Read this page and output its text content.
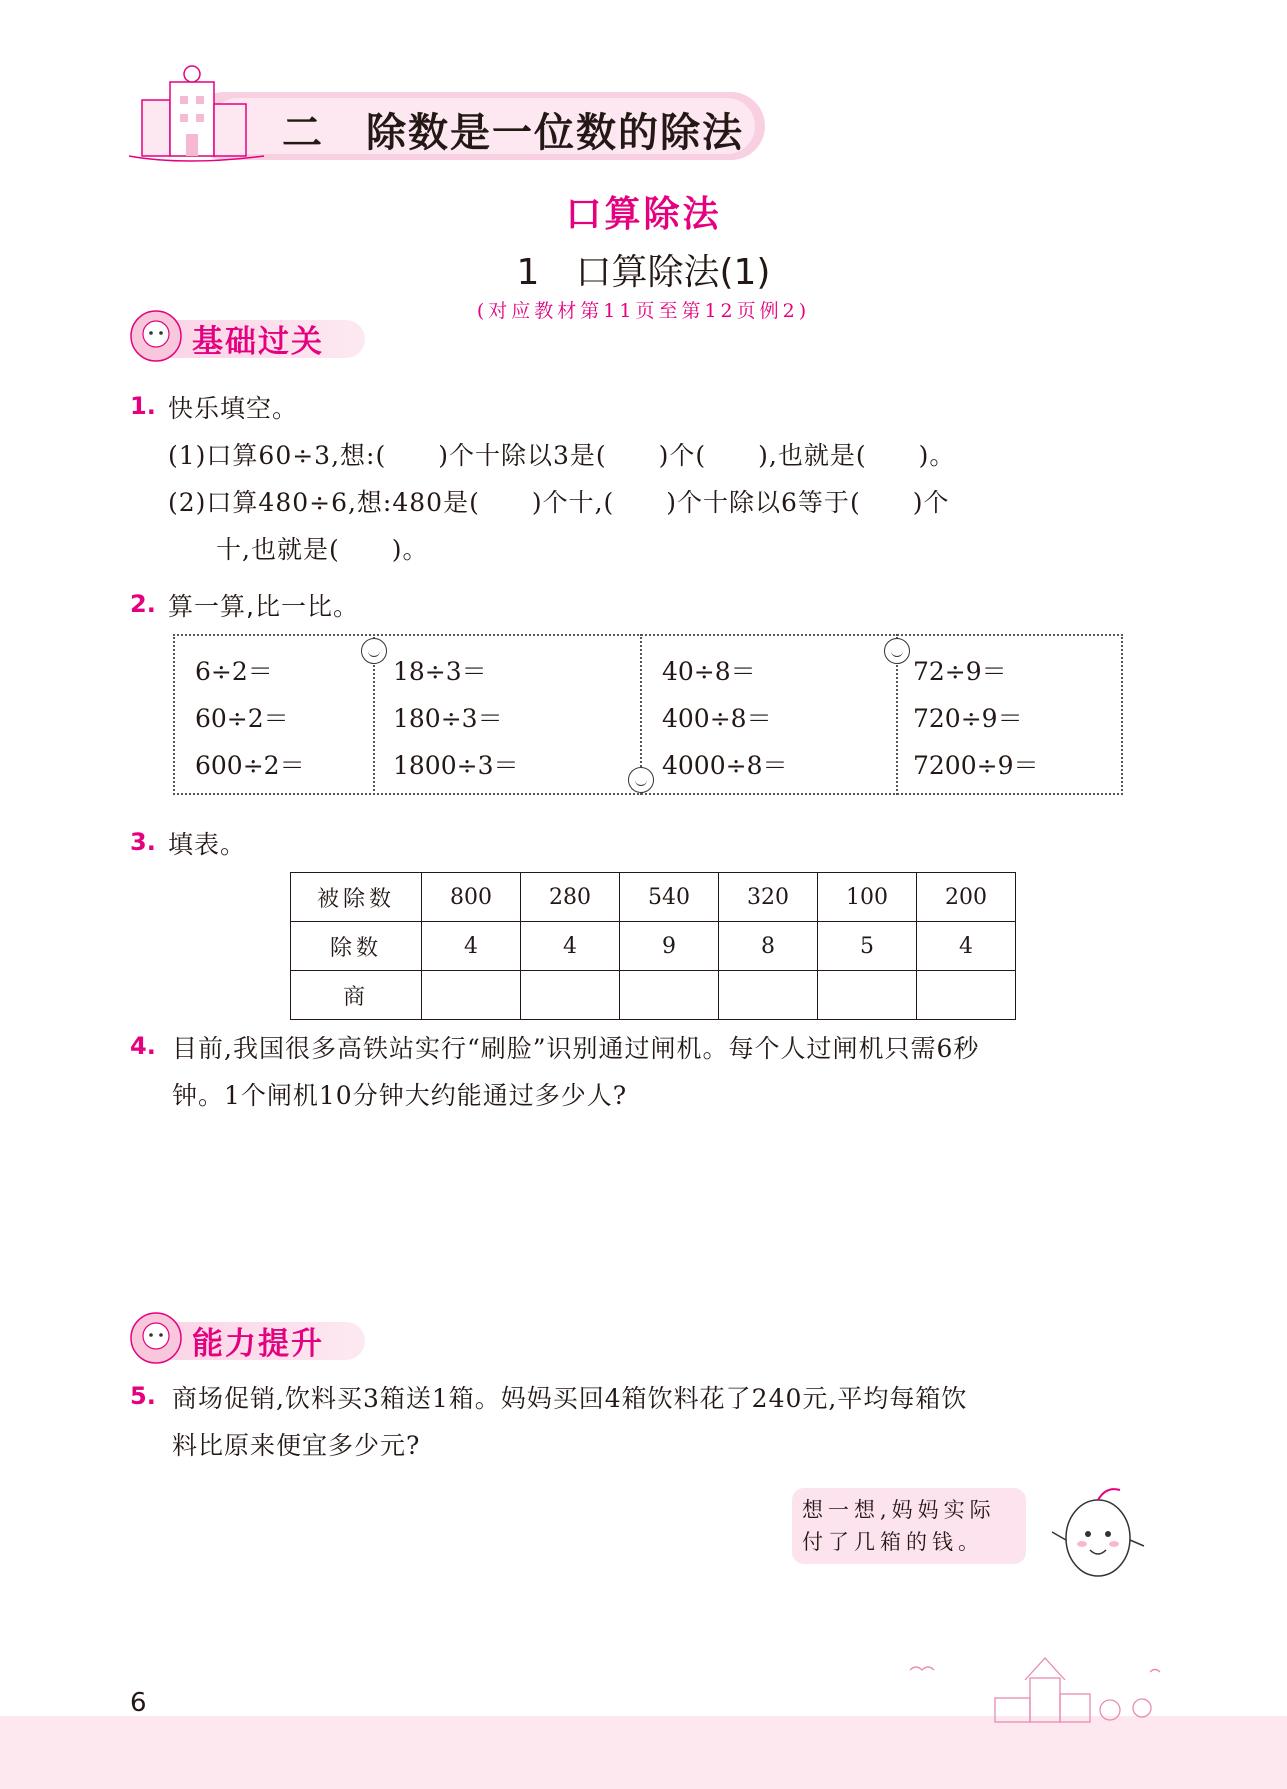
二　除数是一位数的除法
口算除法
1　口算除法(1)
(对应教材第11页至第12页例2)
基础过关
1. 快乐填空。
(1)口算60÷3,想:(　　)个十除以3是(　　)个(　　),也就是(　　)。
(2)口算480÷6,想:480是(　　)个十,(　　)个十除以6等于(　　)个
十,也就是(　　)。
2. 算一算,比一比。
6÷2＝
60÷2＝
600÷2＝
18÷3＝
180÷3＝
1800÷3＝
40÷8＝
400÷8＝
4000÷8＝
72÷9＝
720÷9＝
7200÷9＝
3. 填表。
被除数	800	280	540	320	100	200
除数	4	4	9	8	5	4
商						
4. 目前,我国很多高铁站实行“刷脸”识别通过闸机。每个人过闸机只需6秒
钟。1个闸机10分钟大约能通过多少人?
能力提升
5. 商场促销,饮料买3箱送1箱。妈妈买回4箱饮料花了240元,平均每箱饮
料比原来便宜多少元?
想一想,妈妈实际
付了几箱的钱。
6
